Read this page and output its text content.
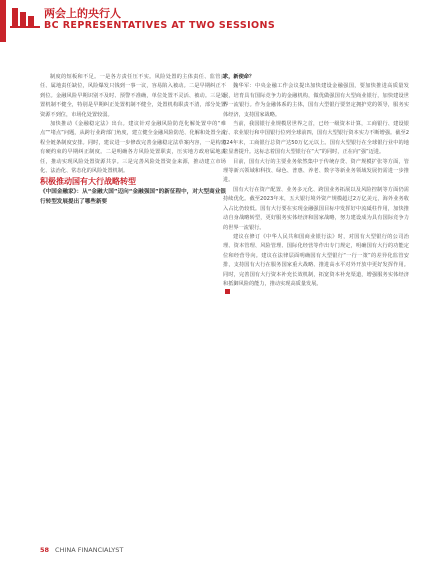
两会上的央行人
BC REPRESENTATIVES AT TWO SESSIONS

制度的短板和不足。一是各方责任压不实。风险处置的主体责任、监管责任、属地责任缺位，风险爆发只钱到一事一议，容易陷入被动。二是早期纠正不到位。金融风险早期识别不及时、预警不准确，单位处置不灵活、被动。三是处置机制不健全，特别是早期纠正处置机制不健全，处置机构职责不清，部分处置资源不到位，市场化处置较弱。

加快推动《金融稳定法》出台。建议针对金融风险防范化解处置中的“难点”“堵点”问题，从跨行业跨部门角度，建立健全金融风险防范、化解和处置全流程全链条制度安排。同时，建议进一步修改完善金融稳定法草案内容，一是构建有硬约束的早期纠正制度。二是明确各方风险处置职责，压实地方政府属地责任，推动实现风险处置资源共享。三是完善风险处置资金来源，推动建立市场化、法治化、常态化的风险处置机制。

积极推动国有大行战略转型

《中国金融家》：从“金融大国”迈向“金融强国”的新征程中，对大型商业银行转型发展提出了哪些新要

求，新使命？

魏华军：中央金融工作会议提出加快建设金融强国，要加快推进高质量发展，培育具有国际竞争力的金融机构，做优做强国有大型商业银行，加快建设世界一流银行。作为金融体系的主体，国有大型银行要坚定拥护党的领导，服务实体经济，支持国家战略。

当前，我国银行业规模居世界之首，已经一级资本计算，工商银行、建设银行、农业银行和中国银行位列全球前四，国有大型银行资本实力不断增强。截至2024年末，工商银行总资产达50万亿元以上。国有大型银行在全球银行业中的地位显著提升。这标志着国有大型银行在“大”的同时，正在向“强”迈进。

目前，国有大行的主要业务依然集中于传统存贷、资产规模扩张等方面，管理等新兴领域和科技、绿色、普惠、养老、数字等新业务领域发展仍需进一步推进。

国有大行在资产配置、业务多元化、跨国业务拓展以及风险控制等方面仍需持续优化。截至2023年末，五大银行境外资产规模超过2万亿美元，海外业务收入占比仍较低。国有大行要在实现金融强国目标中发挥好中流砥柱作用，加快推动自身战略转型，更好服务实体经济和国家战略，努力建设成为具有国际竞争力的世界一流银行。

建议在修订《中华人民共和国商业银行法》时，对国有大型银行的公司治理、资本管理、风险管理、国际化经营等作出专门规定，明确国有大行的功能定位和经营导向。建议在法律层面明确国有大型银行“一行一策”的差异化监管安排，支持国有大行在服务国家重大战略、推进高水平对外开放中更好发挥作用。同时，完善国有大行资本补充长效机制，拓宽资本补充渠道，增强服务实体经济和抵御风险的能力，推动实现高质量发展。

58 CHINA FINANCIALYST
